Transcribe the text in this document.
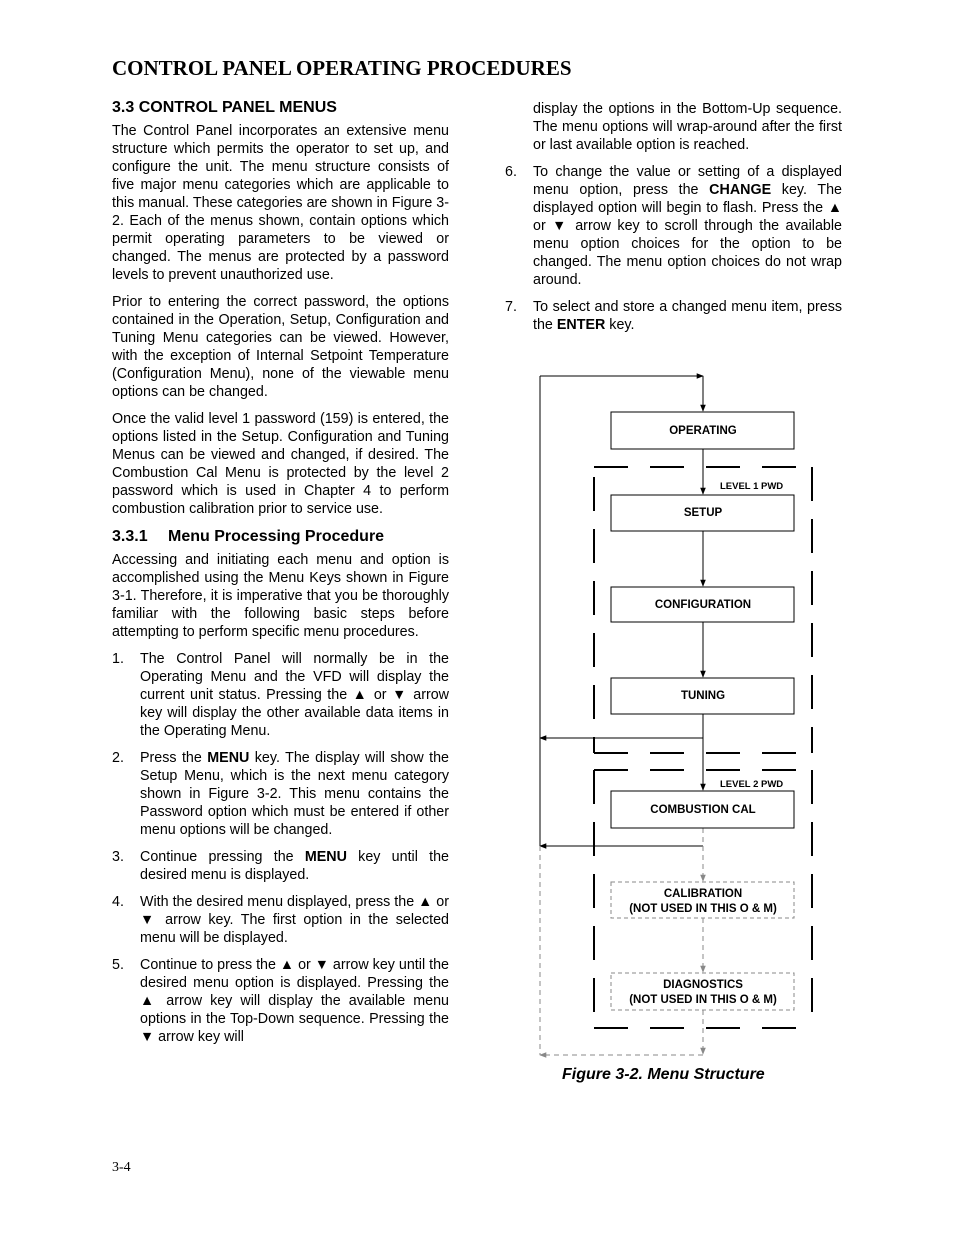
CONTROL PANEL OPERATING PROCEDURES
3.3 CONTROL PANEL MENUS

The Control Panel incorporates an extensive menu structure which permits the operator to set up, and configure the unit. The menu structure consists of five major menu categories which are applicable to this manual. These categories are shown in Figure 3-2. Each of the menus shown, contain options which permit operating parameters to be viewed or changed. The menus are protected by a password levels to prevent unauthorized use.

Prior to entering the correct password, the options contained in the Operation, Setup, Configuration and Tuning Menu categories can be viewed. However, with the exception of Internal Setpoint Temperature (Configuration Menu), none of the viewable menu options can be changed.

Once the valid level 1 password (159) is entered, the options listed in the Setup. Configuration and Tuning Menus can be viewed and changed, if desired. The Combustion Cal Menu is protected by the level 2 password which is used in Chapter 4 to perform combustion calibration prior to service use.

3.3.1 Menu Processing Procedure

Accessing and initiating each menu and option is accomplished using the Menu Keys shown in Figure 3-1. Therefore, it is imperative that you be thoroughly familiar with the following basic steps before attempting to perform specific menu procedures.

1.	The Control Panel will normally be in the Operating Menu and the VFD will display the current unit status. Pressing the ▲ or ▼ arrow key will display the other available data items in the Operating Menu.
2.	Press the MENU key. The display will show the Setup Menu, which is the next menu category shown in Figure 3-2. This menu contains the Password option which must be entered if other menu options will be changed.
3.	Continue pressing the MENU key until the desired menu is displayed.
4.	With the desired menu displayed, press the ▲ or ▼ arrow key. The first option in the selected menu will be displayed.
5.	Continue to press the ▲ or ▼ arrow key until the desired menu option is displayed. Pressing the ▲ arrow key will display the available menu options in the Top-Down sequence. Pressing the ▼ arrow key will
display the options in the Bottom-Up sequence. The menu options will wrap-around after the first or last available option is reached.
6.	To change the value or setting of a displayed menu option, press the CHANGE key. The displayed option will begin to flash. Press the ▲ or ▼ arrow key to scroll through the available menu option choices for the option to be changed. The menu option choices do not wrap around.
7.	To select and store a changed menu item, press the ENTER key.
OPERATING
SETUP
CONFIGURATION
TUNING
COMBUSTION CAL
CALIBRATION
(NOT USED IN THIS O & M)
DIAGNOSTICS
(NOT USED IN THIS O & M)
LEVEL 1 PWD
LEVEL 2 PWD
Figure 3-2. Menu Structure
3-4
